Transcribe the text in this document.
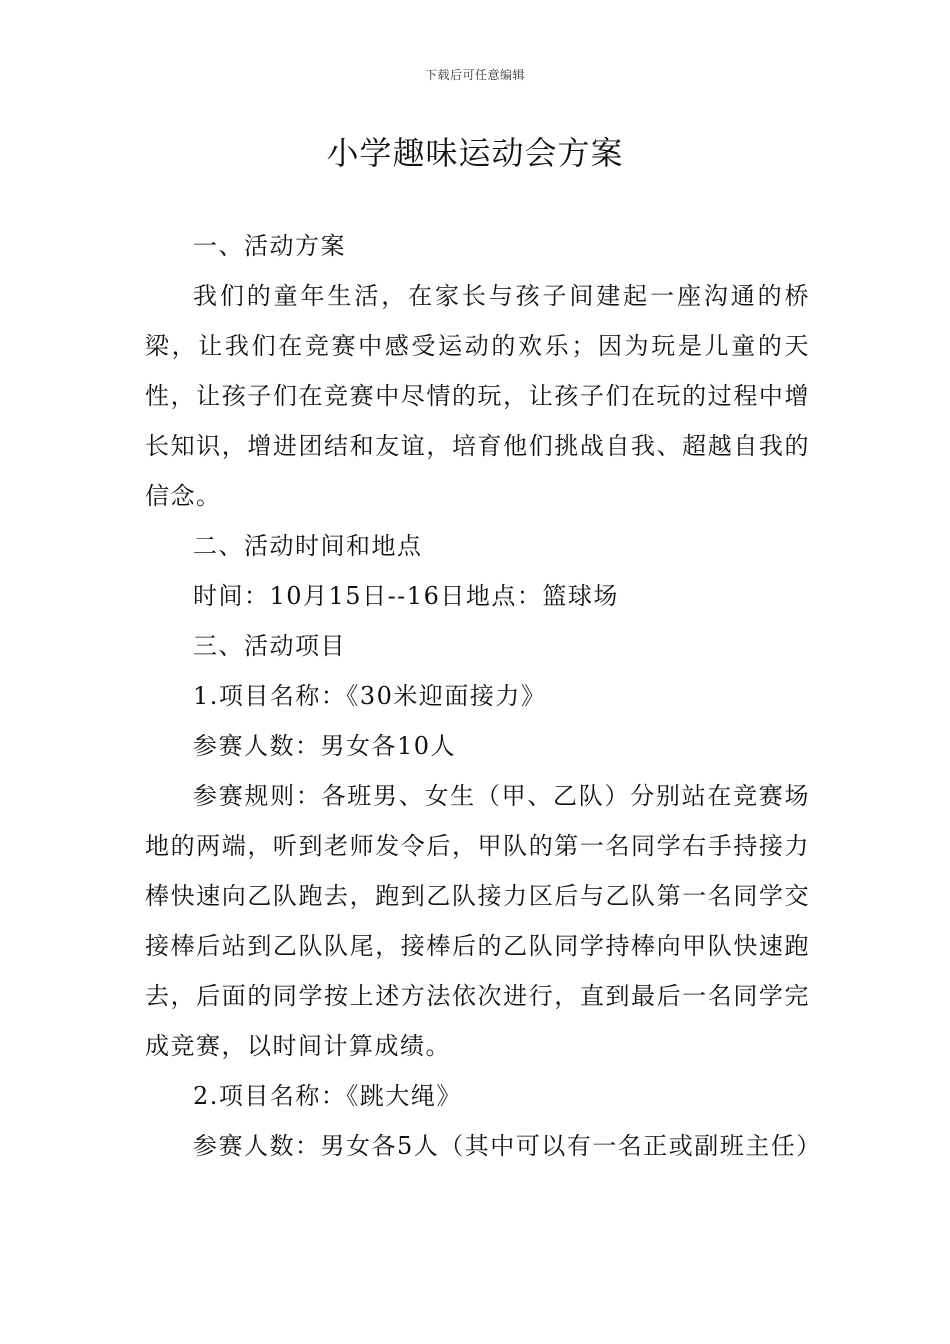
下载后可任意编辑
小学趣味运动会方案

一、活动方案

我们的童年生活，在家长与孩子间建起一座沟通的桥梁，让我们在竞赛中感受运动的欢乐；因为玩是儿童的天性，让孩子们在竞赛中尽情的玩，让孩子们在玩的过程中增长知识，增进团结和友谊，培育他们挑战自我、超越自我的信念。

二、活动时间和地点

时间：10月15日--16日地点：篮球场

三、活动项目

1.项目名称：《30米迎面接力》

参赛人数：男女各10人

参赛规则：各班男、女生（甲、乙队）分别站在竞赛场地的两端，听到老师发令后，甲队的第一名同学右手持接力棒快速向乙队跑去，跑到乙队接力区后与乙队第一名同学交接棒后站到乙队队尾，接棒后的乙队同学持棒向甲队快速跑去，后面的同学按上述方法依次进行，直到最后一名同学完成竞赛，以时间计算成绩。

2.项目名称：《跳大绳》

参赛人数：男女各5人（其中可以有一名正或副班主任）
